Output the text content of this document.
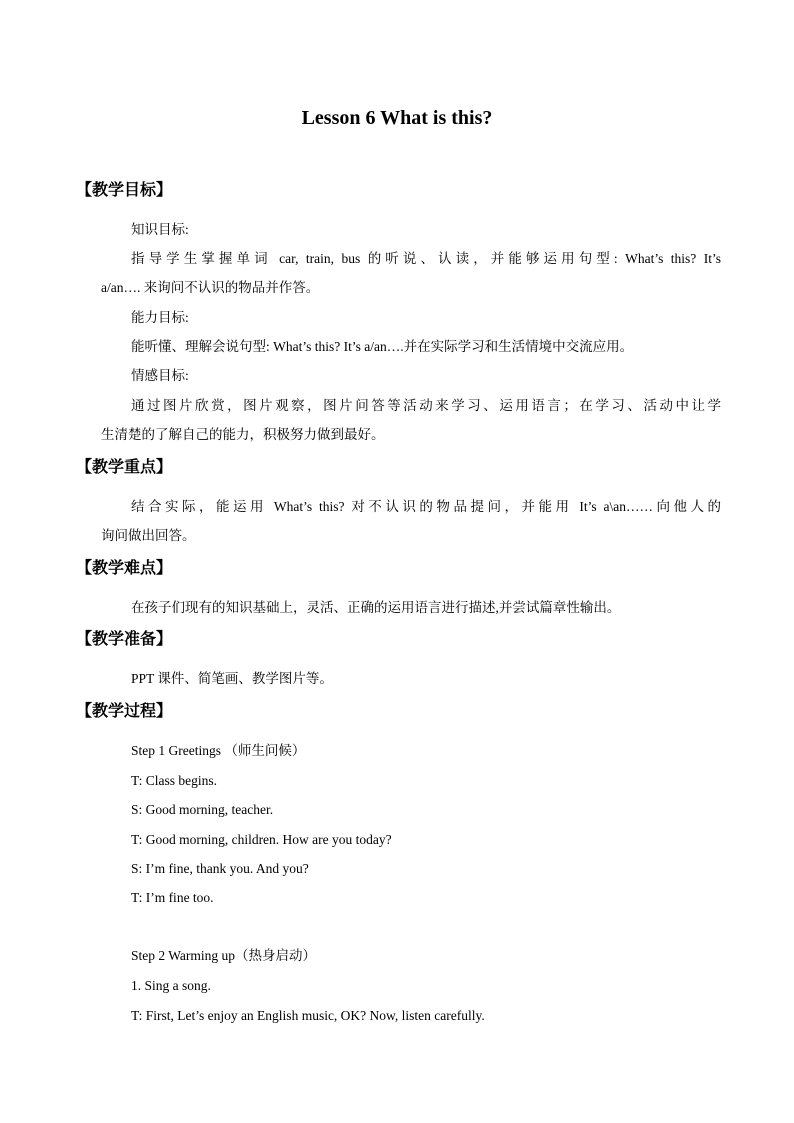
Lesson 6 What is this?
【教学目标】
知识目标:
指导学生掌握单词 car, train, bus 的听说、认读，并能够运用句型: What’s this? It’s
a/an…. 来询问不认识的物品并作答。
能力目标:
能听懂、理解会说句型: What’s this? It’s a/an….并在实际学习和生活情境中交流应用。
情感目标:
通过图片欣赏，图片观察，图片问答等活动来学习、运用语言；在学习、活动中让学
生清楚的了解自己的能力，积极努力做到最好。
【教学重点】
结合实际，能运用 What’s this? 对不认识的物品提问，并能用 It’s a\an……向他人的
询问做出回答。
【教学难点】
在孩子们现有的知识基础上，灵活、正确的运用语言进行描述,并尝试篇章性输出。
【教学准备】
PPT 课件、简笔画、教学图片等。
【教学过程】
Step 1 Greetings （师生问候）
T: Class begins.
S: Good morning, teacher.
T: Good morning, children. How are you today?
S: I’m fine, thank you. And you?
T: I’m fine too.
Step 2 Warming up（热身启动）
1. Sing a song.
T: First, Let’s enjoy an English music, OK? Now, listen carefully.
